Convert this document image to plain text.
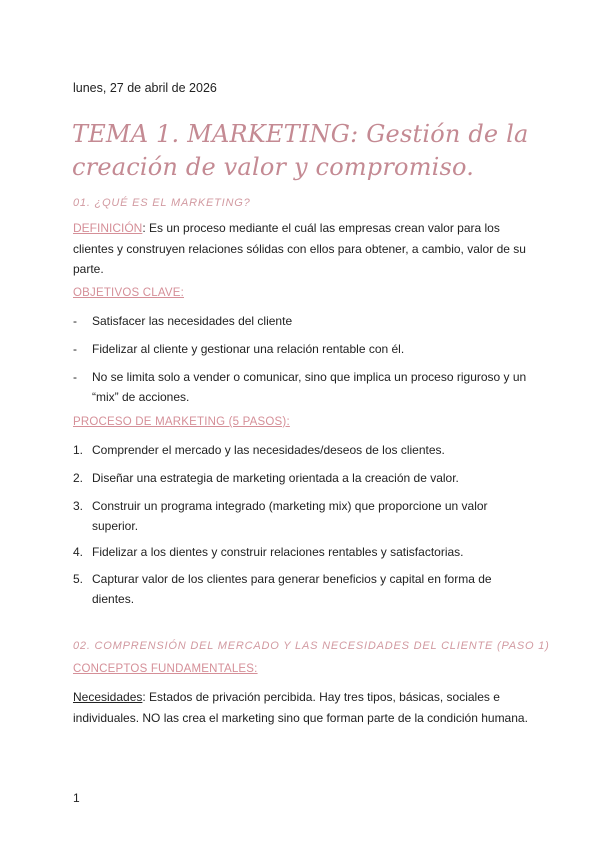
lunes, 27 de abril de 2026
TEMA 1. MARKETING: Gestión de la
creación de valor y compromiso.
01. ¿QUÉ ES EL MARKETING?
DEFINICIÓN: Es un proceso mediante el cuál las empresas crean valor para los clientes y construyen relaciones sólidas con ellos para obtener, a cambio, valor de su parte.
OBJETIVOS CLAVE:
- Satisfacer las necesidades del cliente
- Fidelizar al cliente y gestionar una relación rentable con él.
- No se limita solo a vender o comunicar, sino que implica un proceso riguroso y un “mix” de acciones.
PROCESO DE MARKETING (5 PASOS):
1. Comprender el mercado y las necesidades/deseos de los clientes.
2. Diseñar una estrategia de marketing orientada a la creación de valor.
3. Construir un programa integrado (marketing mix) que proporcione un valor superior.
4. Fidelizar a los dientes y construir relaciones rentables y satisfactorias.
5. Capturar valor de los clientes para generar beneficios y capital en forma de dientes.
02. COMPRENSIÓN DEL MERCADO Y LAS NECESIDADES DEL CLIENTE (PASO 1)
CONCEPTOS FUNDAMENTALES:
Necesidades: Estados de privación percibida. Hay tres tipos, básicas, sociales e individuales. NO las crea el marketing sino que forman parte de la condición humana.
1
